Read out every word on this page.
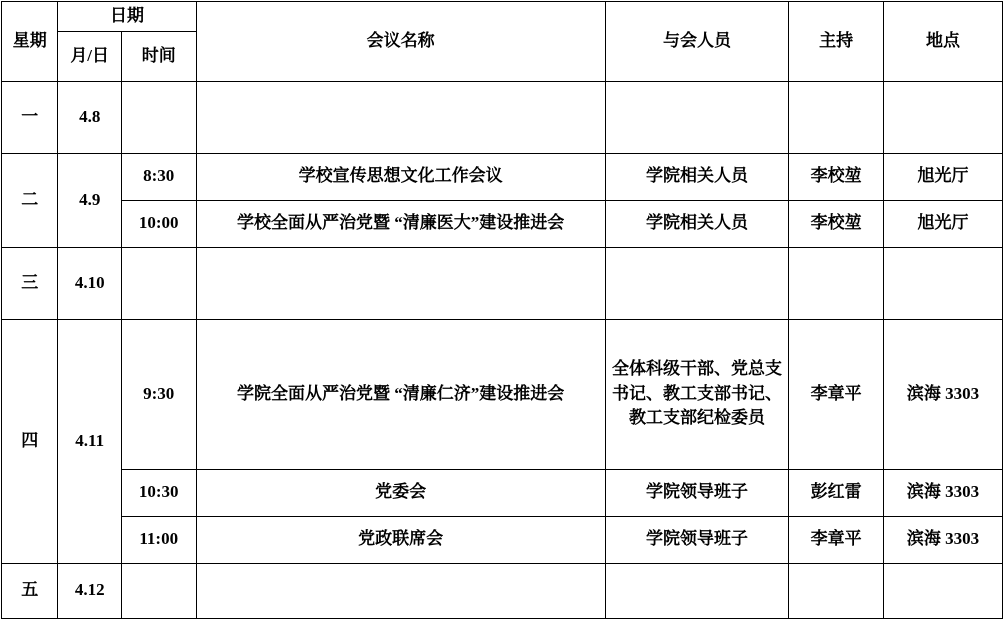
星期	日期		会议名称	与会人员	主持	地点
	月/日	时间				
一	4.8					
二	4.9	8:30	学校宣传思想文化工作会议	学院相关人员	李校堃	旭光厅
		10:00	学校全面从严治党暨 “清廉医大”建设推进会	学院相关人员	李校堃	旭光厅
三	4.10					
四	4.11	9:30	学院全面从严治党暨 “清廉仁济”建设推进会	全体科级干部、党总支书记、教工支部书记、教工支部纪检委员	李章平	滨海 3303
		10:30	党委会	学院领导班子	彭红雷	滨海 3303
		11:00	党政联席会	学院领导班子	李章平	滨海 3303
五	4.12					
